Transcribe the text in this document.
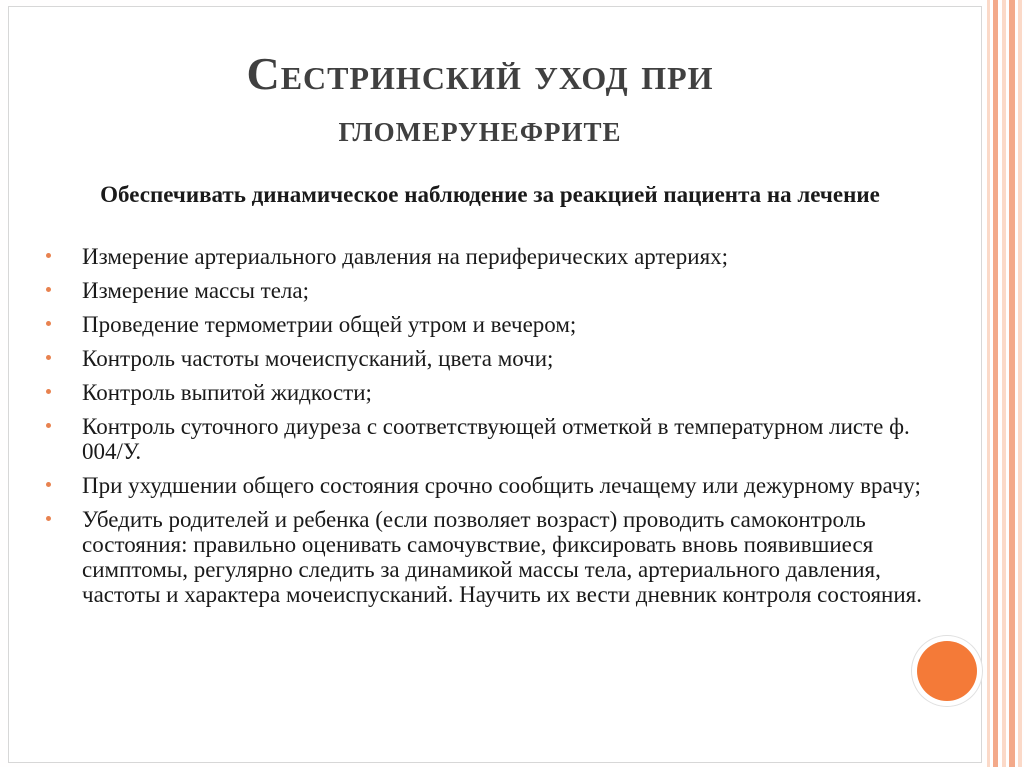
Сестринский уход при
гломерунефрите
Обеспечивать динамическое наблюдение за реакцией пациента на лечение
Измерение артериального давления на периферических артериях;
Измерение массы тела;
Проведение термометрии общей утром и вечером;
Контроль частоты мочеиспусканий, цвета мочи;
Контроль выпитой жидкости;
Контроль суточного диуреза с соответствующей отметкой в температурном листе ф. 004/У.
При ухудшении общего состояния срочно сообщить лечащему или дежурному врачу;
Убедить родителей и ребенка (если позволяет возраст) проводить самоконтроль состояния: правильно оценивать самочувствие, фиксировать вновь появившиеся симптомы, регулярно следить за динамикой массы тела, артериального давления, частоты и характера мочеиспусканий. Научить их вести дневник контроля состояния.
